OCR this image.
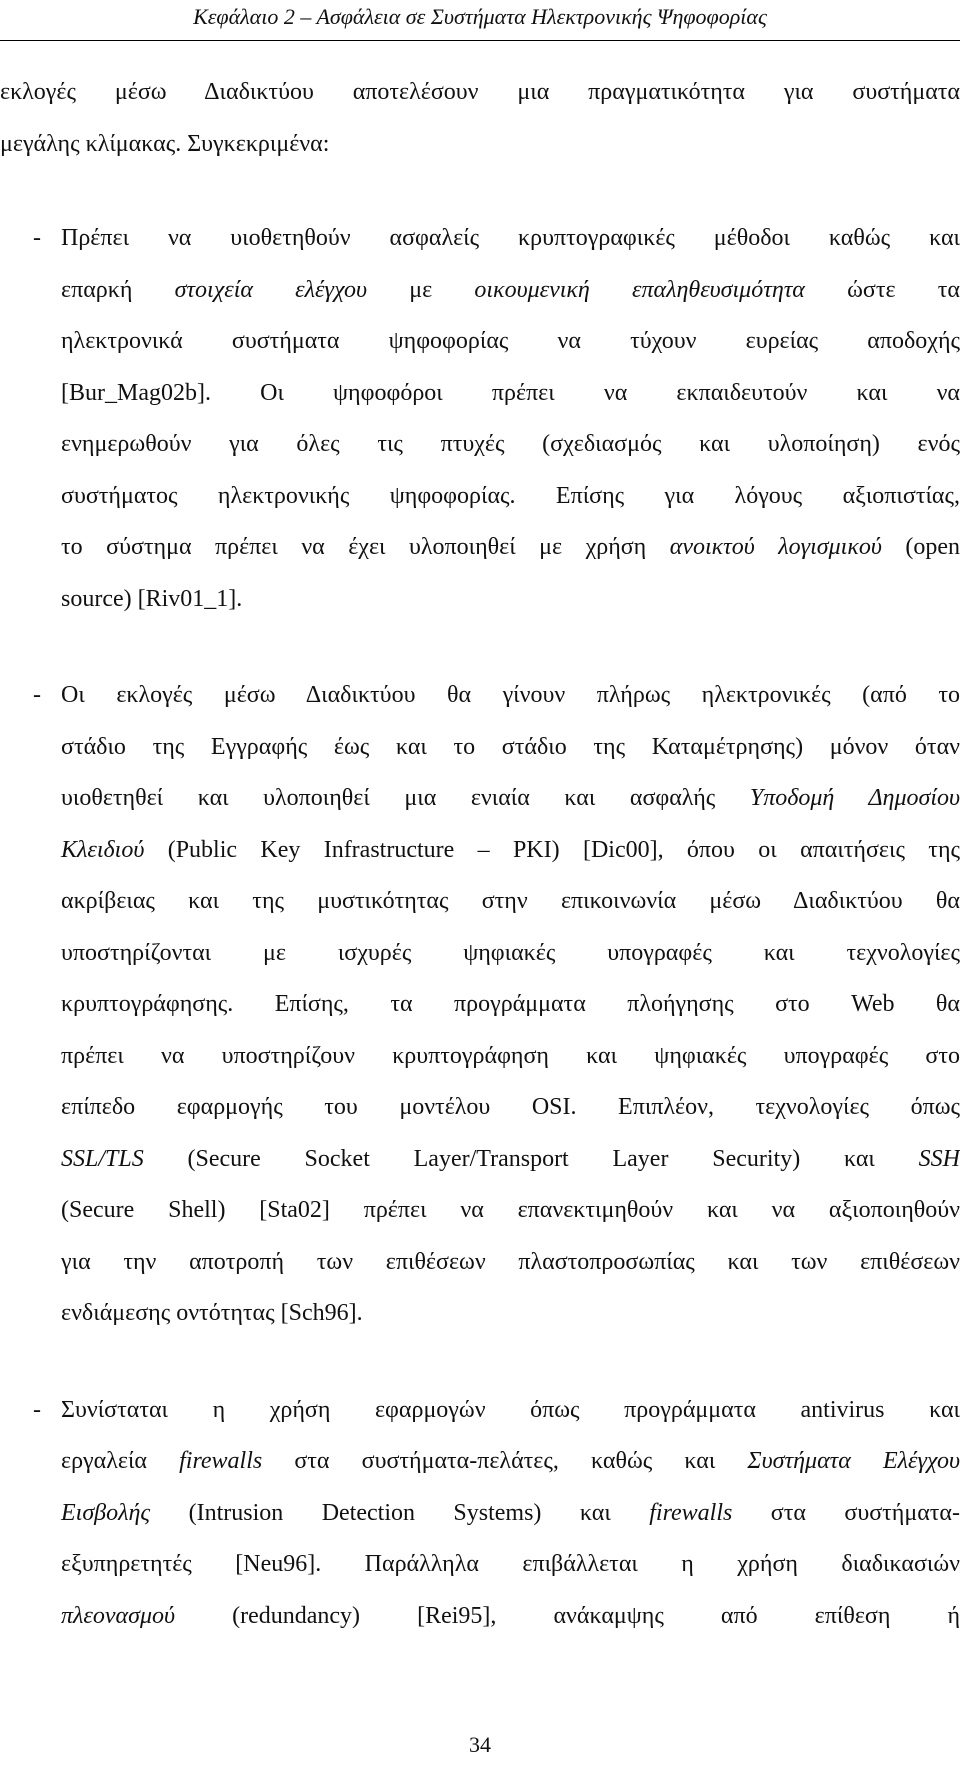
Κεφάλαιο 2 – Ασφάλεια σε Συστήματα Ηλεκτρονικής Ψηφοφορίας
εκλογές μέσω Διαδικτύου αποτελέσουν μια πραγματικότητα για συστήματα
μεγάλης κλίμακας. Συγκεκριμένα:
- Πρέπει να υιοθετηθούν ασφαλείς κρυπτογραφικές μέθοδοι καθώς και
επαρκή στοιχεία ελέγχου με οικουμενική επαληθευσιμότητα ώστε τα
ηλεκτρονικά συστήματα ψηφοφορίας να τύχουν ευρείας αποδοχής
[Bur_Mag02b]. Οι ψηφοφόροι πρέπει να εκπαιδευτούν και να
ενημερωθούν για όλες τις πτυχές (σχεδιασμός και υλοποίηση) ενός
συστήματος ηλεκτρονικής ψηφοφορίας. Επίσης για λόγους αξιοπιστίας,
το σύστημα πρέπει να έχει υλοποιηθεί με χρήση ανοικτού λογισμικού (open
source) [Riv01_1].
- Οι εκλογές μέσω Διαδικτύου θα γίνουν πλήρως ηλεκτρονικές (από το
στάδιο της Εγγραφής έως και το στάδιο της Καταμέτρησης) μόνον όταν
υιοθετηθεί και υλοποιηθεί μια ενιαία και ασφαλής Υποδομή Δημοσίου
Κλειδιού (Public Key Infrastructure – PKI) [Dic00], όπου οι απαιτήσεις της
ακρίβειας και της μυστικότητας στην επικοινωνία μέσω Διαδικτύου θα
υποστηρίζονται με ισχυρές ψηφιακές υπογραφές και τεχνολογίες
κρυπτογράφησης. Επίσης, τα προγράμματα πλοήγησης στο Web θα
πρέπει να υποστηρίζουν κρυπτογράφηση και ψηφιακές υπογραφές στο
επίπεδο εφαρμογής του μοντέλου OSI. Επιπλέον, τεχνολογίες όπως
SSL/TLS (Secure Socket Layer/Transport Layer Security) και SSH
(Secure Shell) [Sta02] πρέπει να επανεκτιμηθούν και να αξιοποιηθούν
για την αποτροπή των επιθέσεων πλαστοπροσωπίας και των επιθέσεων
ενδιάμεσης οντότητας [Sch96].
- Συνίσταται η χρήση εφαρμογών όπως προγράμματα antivirus και
εργαλεία firewalls στα συστήματα-πελάτες, καθώς και Συστήματα Ελέγχου
Εισβολής (Intrusion Detection Systems) και firewalls στα συστήματα-
εξυπηρετητές [Neu96]. Παράλληλα επιβάλλεται η χρήση διαδικασιών
πλεονασμού (redundancy) [Rei95], ανάκαμψης από επίθεση ή
34
